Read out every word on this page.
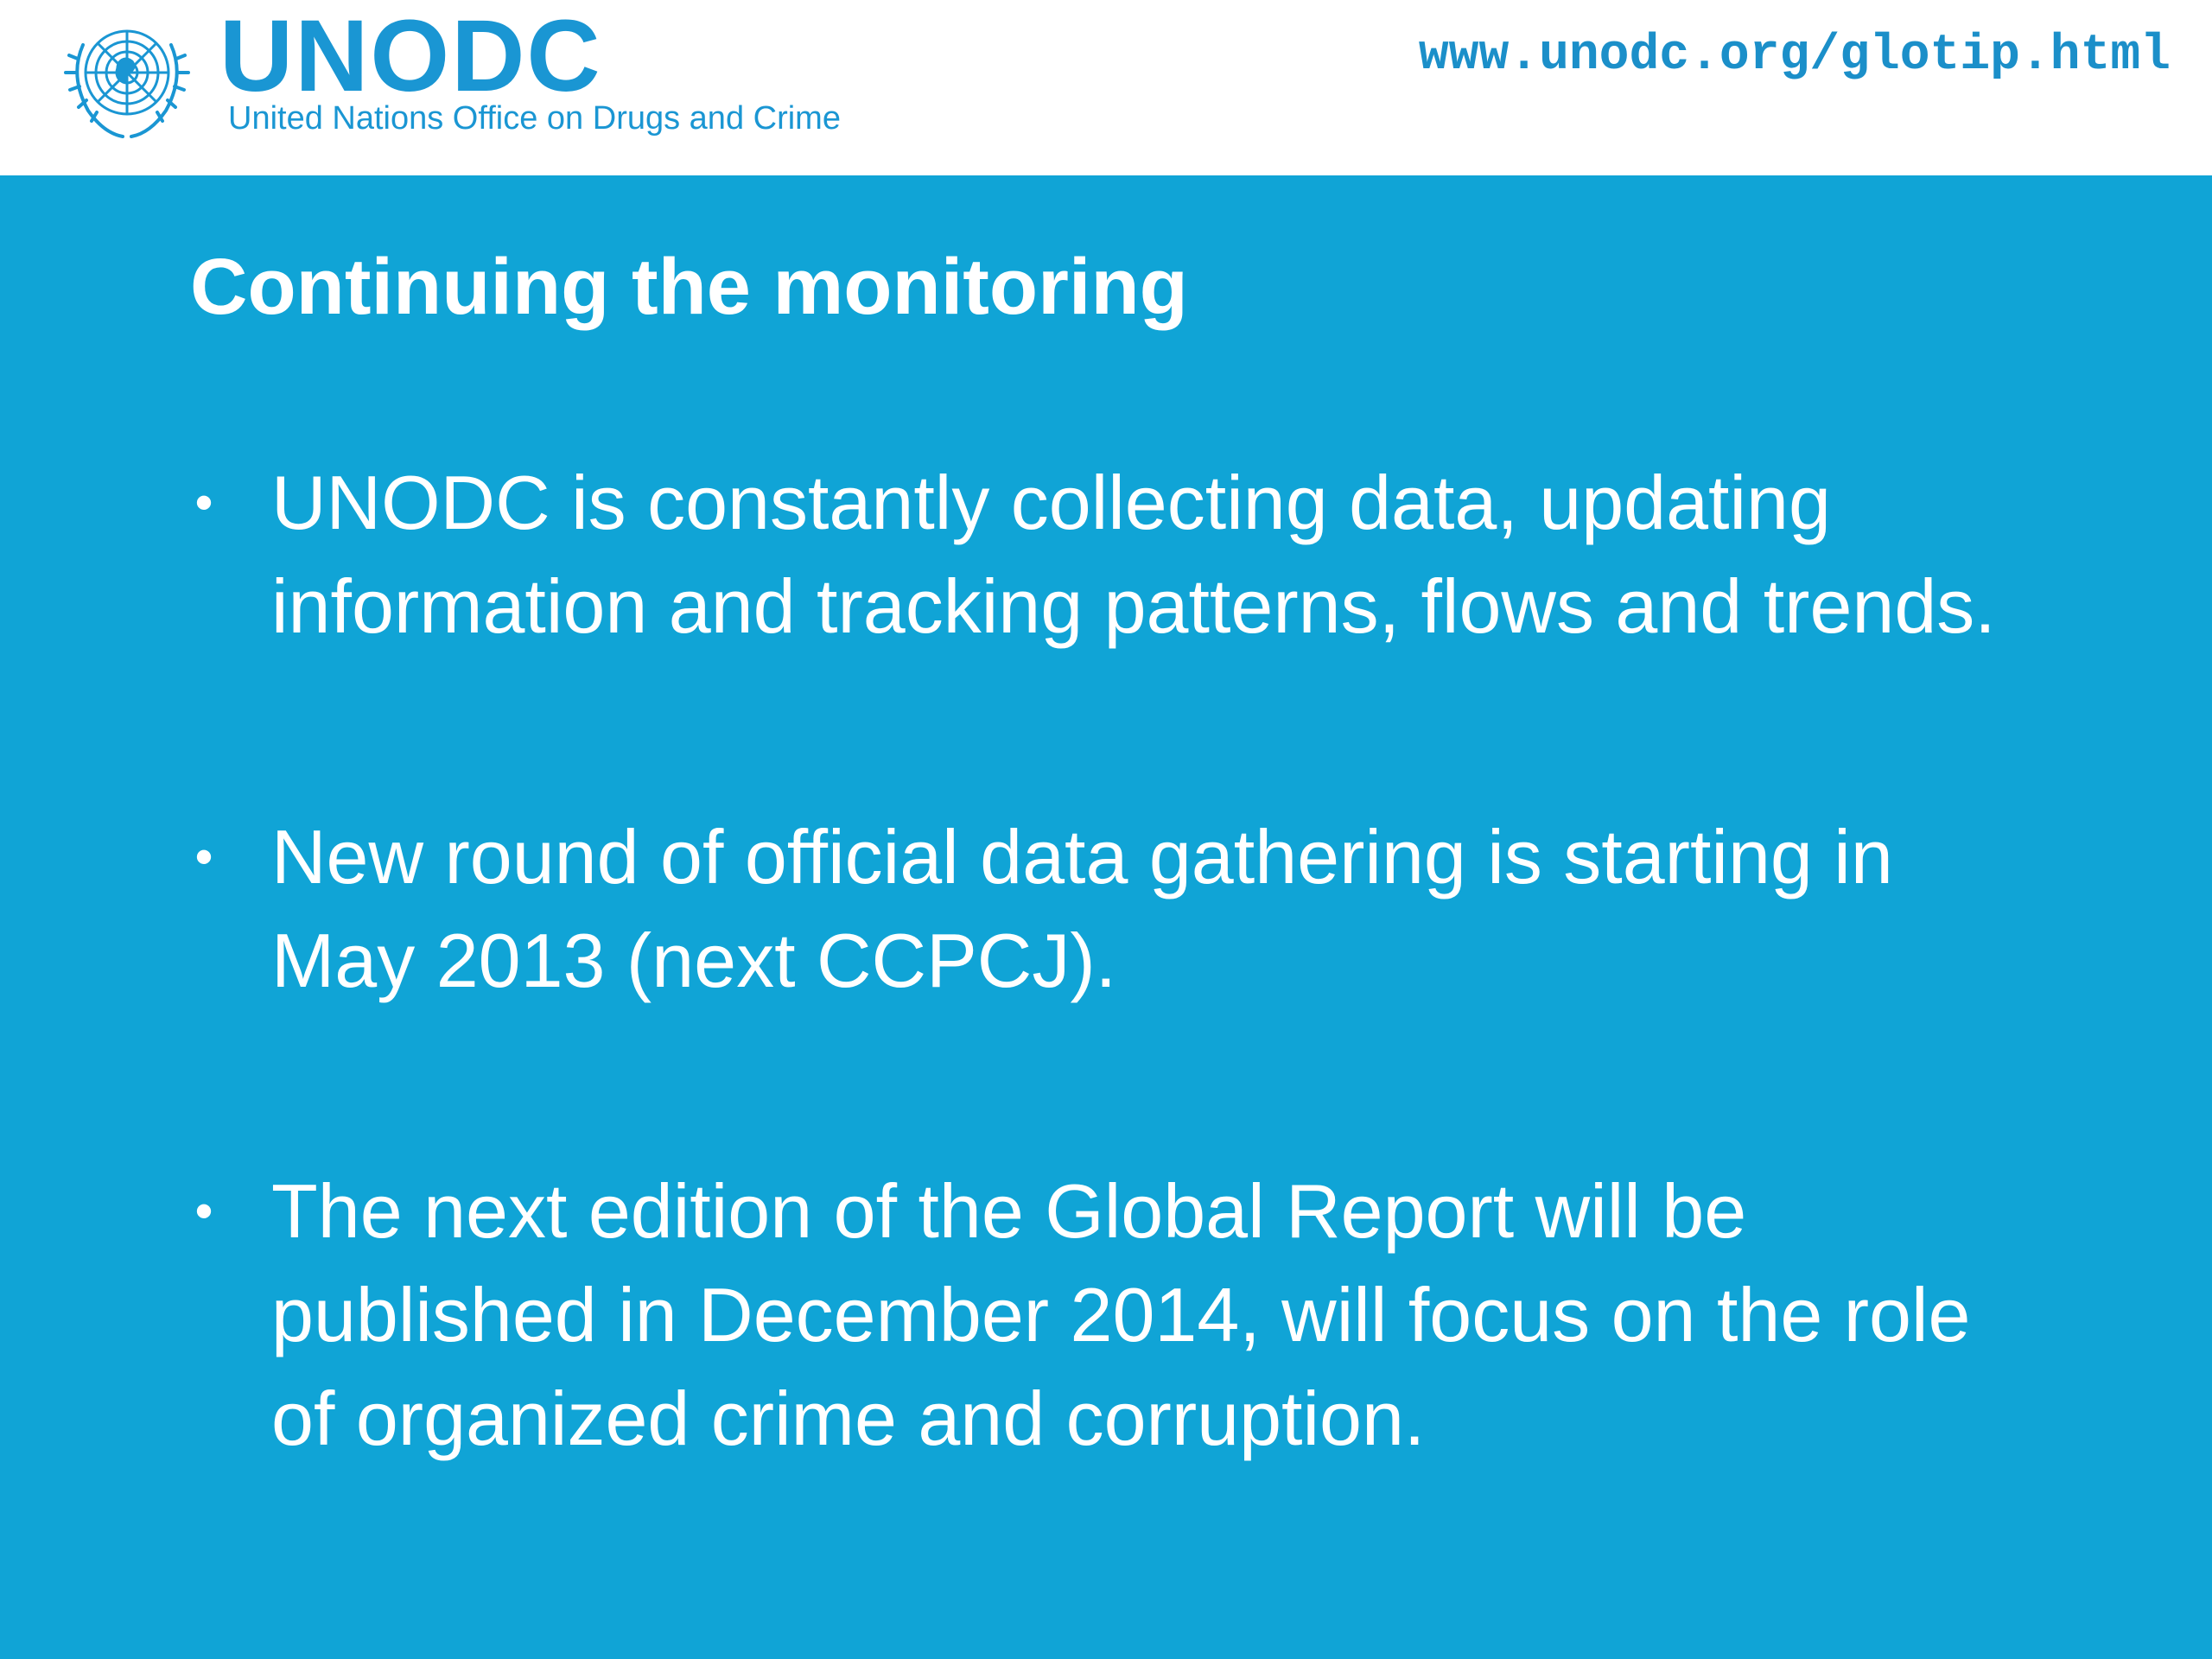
UNODC

United Nations Office on Drugs and Crime

www.unodc.org/glotip.html

Continuing the monitoring
• UNODC is constantly collecting data, updating information and tracking patterns, flows and trends.
• New round of official data gathering is starting in May 2013 (next CCPCJ).
• The next edition of the Global Report will be published in December 2014, will focus on the role of organized crime and corruption.
